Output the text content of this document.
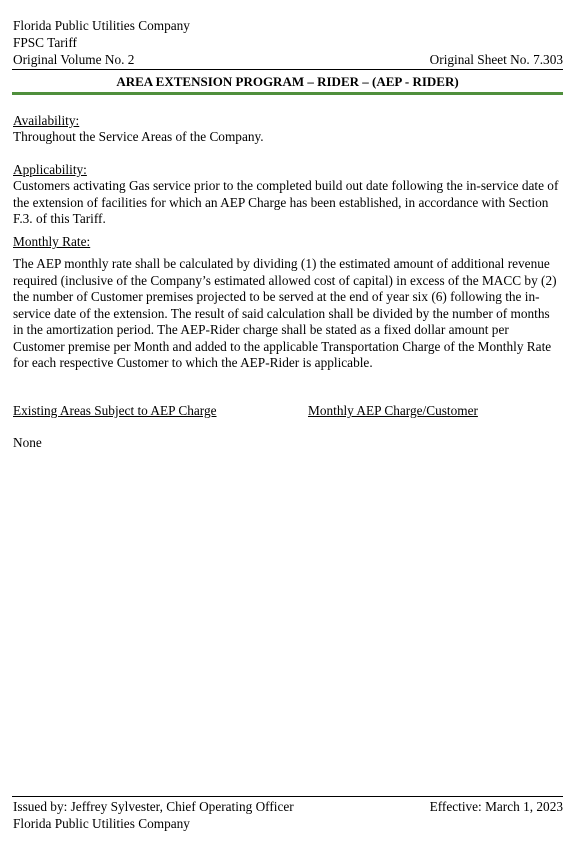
Florida Public Utilities Company
FPSC Tariff
Original Volume No. 2	Original Sheet No. 7.303
AREA EXTENSION PROGRAM – RIDER – (AEP - RIDER)
Availability:
Throughout the Service Areas of the Company.
Applicability:
Customers activating Gas service prior to the completed build out date following the in-service date of the extension of facilities for which an AEP Charge has been established, in accordance with Section F.3. of this Tariff.
Monthly Rate:
The AEP monthly rate shall be calculated by dividing (1) the estimated amount of additional revenue required (inclusive of the Company’s estimated allowed cost of capital) in excess of the MACC by (2) the number of Customer premises projected to be served at the end of year six (6) following the in-service date of the extension. The result of said calculation shall be divided by the number of months in the amortization period. The AEP-Rider charge shall be stated as a fixed dollar amount per Customer premise per Month and added to the applicable Transportation Charge of the Monthly Rate for each respective Customer to which the AEP-Rider is applicable.
Existing Areas Subject to AEP Charge	Monthly AEP Charge/Customer
None
Issued by: Jeffrey Sylvester, Chief Operating Officer	Effective: March 1, 2023
Florida Public Utilities Company
